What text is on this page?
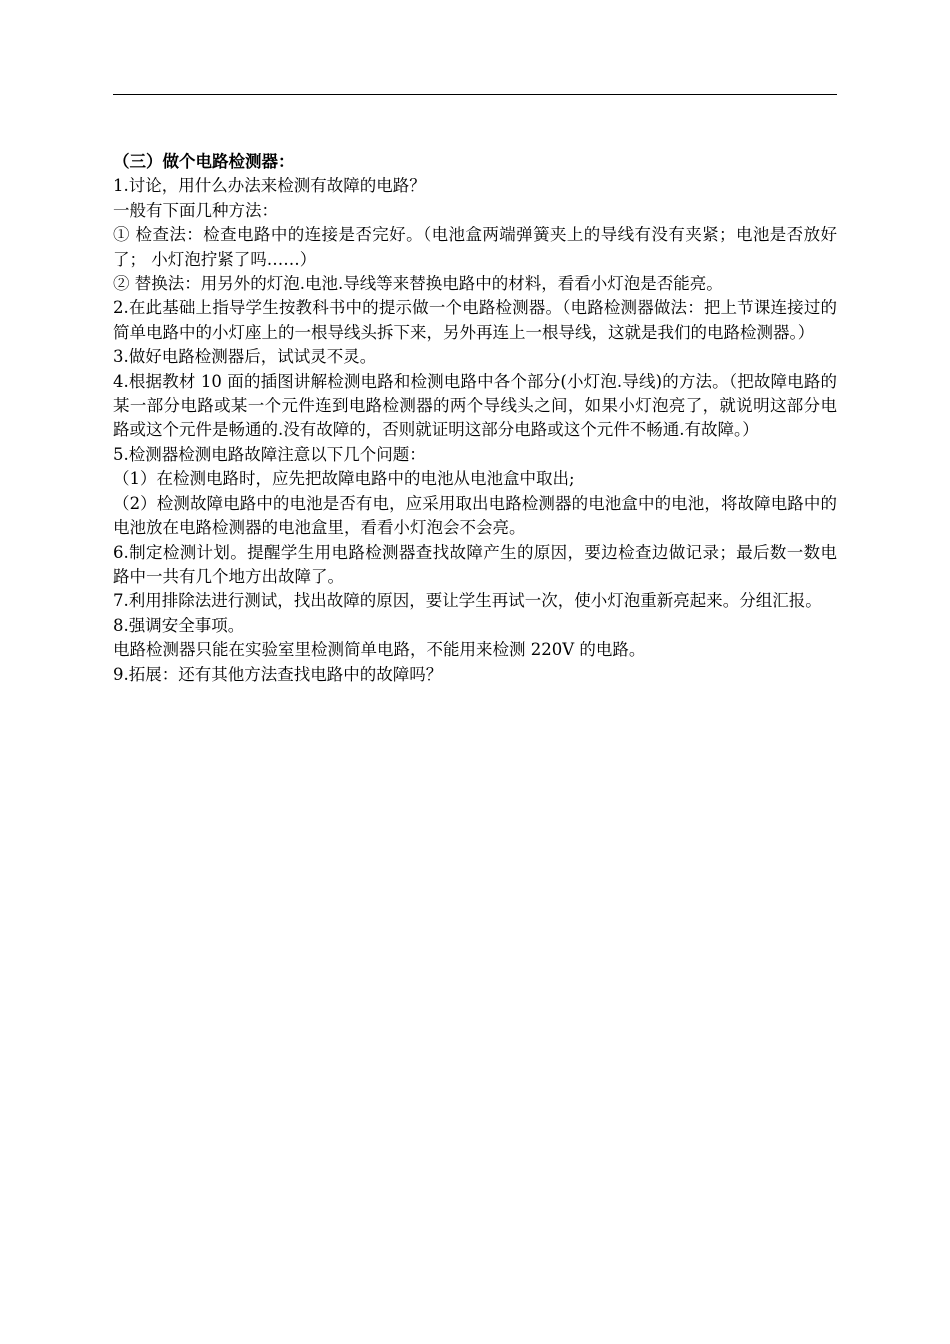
（三）做个电路检测器：

1.讨论，用什么办法来检测有故障的电路？

一般有下面几种方法：

① 检查法：检查电路中的连接是否完好。（电池盒两端弹簧夹上的导线有没有夹紧；电池是否放好了； 小灯泡拧紧了吗……）

② 替换法：用另外的灯泡.电池.导线等来替换电路中的材料，看看小灯泡是否能亮。

2.在此基础上指导学生按教科书中的提示做一个电路检测器。（电路检测器做法：把上节课连接过的简单电路中的小灯座上的一根导线头拆下来，另外再连上一根导线，这就是我们的电路检测器。）

3.做好电路检测器后，试试灵不灵。

4.根据教材 10 面的插图讲解检测电路和检测电路中各个部分(小灯泡.导线)的方法。（把故障电路的某一部分电路或某一个元件连到电路检测器的两个导线头之间，如果小灯泡亮了，就说明这部分电路或这个元件是畅通的.没有故障的，否则就证明这部分电路或这个元件不畅通.有故障。）

5.检测器检测电路故障注意以下几个问题：

（1）在检测电路时，应先把故障电路中的电池从电池盒中取出;

（2）检测故障电路中的电池是否有电，应采用取出电路检测器的电池盒中的电池，将故障电路中的电池放在电路检测器的电池盒里，看看小灯泡会不会亮。

6.制定检测计划。提醒学生用电路检测器查找故障产生的原因，要边检查边做记录；最后数一数电路中一共有几个地方出故障了。

7.利用排除法进行测试，找出故障的原因，要让学生再试一次，使小灯泡重新亮起来。分组汇报。

8.强调安全事项。

电路检测器只能在实验室里检测简单电路，不能用来检测 220V 的电路。

9.拓展：还有其他方法查找电路中的故障吗？
